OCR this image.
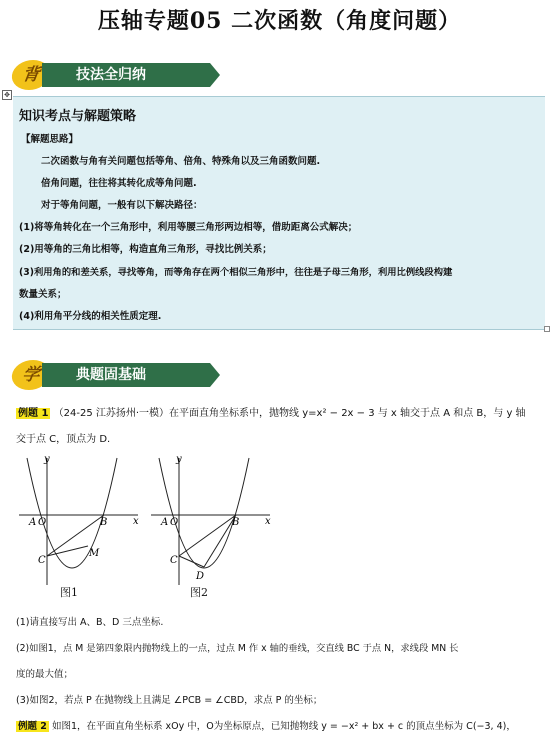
压轴专题05 二次函数（角度问题）
背	技法全归纳
✥
知识考点与解题策略
【解题思路】
二次函数与角有关问题包括等角、倍角、特殊角以及三角函数问题.
倍角问题，往往将其转化成等角问题.
对于等角问题，一般有以下解决路径：
(1)将等角转化在一个三角形中，利用等腰三角形两边相等，借助距离公式解决；
(2)用等角的三角比相等，构造直角三角形，寻找比例关系；
(3)利用角的和差关系，寻找等角，而等角存在两个相似三角形中，往往是子母三角形，利用比例线段构建
数量关系；
(4)利用角平分线的相关性质定理.
学	典题固基础
例题 1 （24-25 江苏扬州·一模）在平面直角坐标系中，抛物线 y=x² − 2x − 3 与 x 轴交于点 A 和点 B，与 y 轴
交于点 C，顶点为 D.
y
x
A O	B
C
M
图1
y
x
A O	B
C
D
图2
(1)请直接写出 A、B、D 三点坐标.
(2)如图1，点 M 是第四象限内抛物线上的一点，过点 M 作 x 轴的垂线，交直线 BC 于点 N，求线段 MN 长
度的最大值；
(3)如图2，若点 P 在抛物线上且满足 ∠PCB = ∠CBD，求点 P 的坐标；
例题 2 如图1，在平面直角坐标系 xOy 中，O为坐标原点，已知抛物线 y = −x² + bx + c 的顶点坐标为 C(−3, 4)，
